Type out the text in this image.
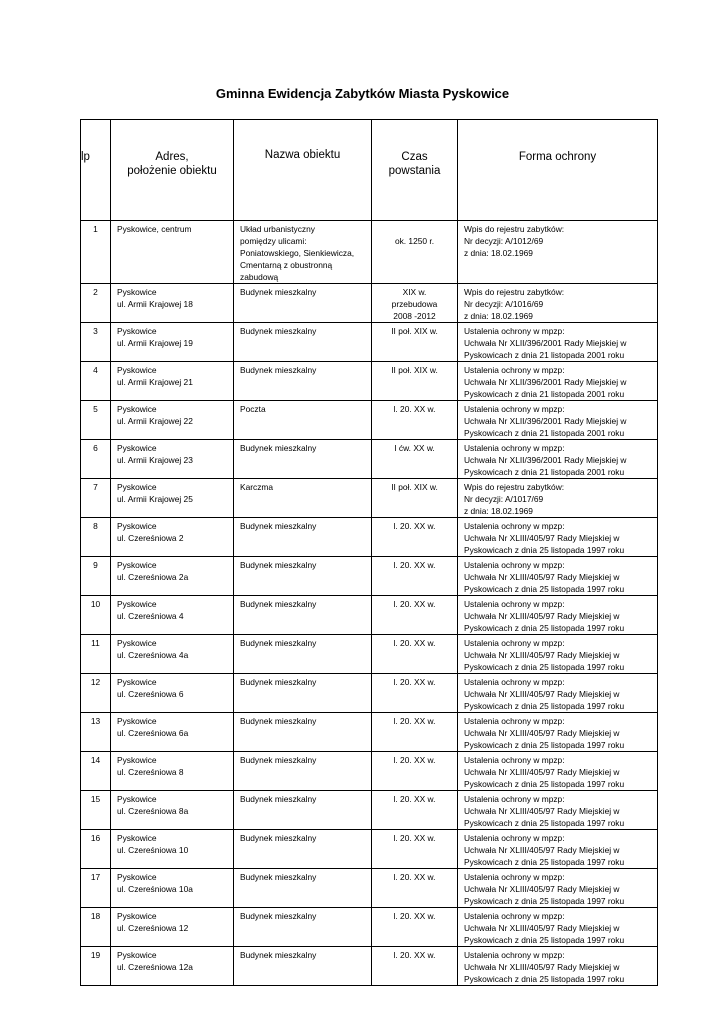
Gminna Ewidencja Zabytków Miasta Pyskowice
lp	Adres,
położenie obiektu	Nazwa obiektu	Czas
powstania	Forma ochrony

1	Pyskowice, centrum	Układ urbanistyczny
pomiędzy ulicami:
Poniatowskiego, Sienkiewicza,
Cmentarną z obustronną
zabudową	ok. 1250 r.	Wpis do rejestru zabytków:
Nr decyzji: A/1012/69
z dnia: 18.02.1969

2	Pyskowice
ul. Armii Krajowej 18	Budynek mieszkalny	XIX w.
przebudowa
2008 -2012	Wpis do rejestru zabytków:
Nr decyzji: A/1016/69
z dnia: 18.02.1969

3	Pyskowice
ul. Armii Krajowej 19	Budynek mieszkalny	II poł. XIX w.	Ustalenia ochrony w mpzp:
Uchwała Nr XLII/396/2001 Rady Miejskiej w
Pyskowicach z dnia 21 listopada 2001 roku

4	Pyskowice
ul. Armii Krajowej 21	Budynek mieszkalny	II poł. XIX w.	Ustalenia ochrony w mpzp:
Uchwała Nr XLII/396/2001 Rady Miejskiej w
Pyskowicach z dnia 21 listopada 2001 roku

5	Pyskowice
ul. Armii Krajowej 22	Poczta	l. 20. XX w.	Ustalenia ochrony w mpzp:
Uchwała Nr XLII/396/2001 Rady Miejskiej w
Pyskowicach z dnia 21 listopada 2001 roku

6	Pyskowice
ul. Armii Krajowej 23	Budynek mieszkalny	I ćw. XX w.	Ustalenia ochrony w mpzp:
Uchwała Nr XLII/396/2001 Rady Miejskiej w
Pyskowicach z dnia 21 listopada 2001 roku

7	Pyskowice
ul. Armii Krajowej 25	Karczma	II poł. XIX w.	Wpis do rejestru zabytków:
Nr decyzji: A/1017/69
z dnia: 18.02.1969

8	Pyskowice
ul. Czereśniowa 2	Budynek mieszkalny	l. 20. XX w.	Ustalenia ochrony w mpzp:
Uchwała Nr XLIII/405/97 Rady Miejskiej w
Pyskowicach z dnia 25 listopada 1997 roku

9	Pyskowice
ul. Czereśniowa 2a	Budynek mieszkalny	l. 20. XX w.	Ustalenia ochrony w mpzp:
Uchwała Nr XLIII/405/97 Rady Miejskiej w
Pyskowicach z dnia 25 listopada 1997 roku

10	Pyskowice
ul. Czereśniowa 4	Budynek mieszkalny	l. 20. XX w.	Ustalenia ochrony w mpzp:
Uchwała Nr XLIII/405/97 Rady Miejskiej w
Pyskowicach z dnia 25 listopada 1997 roku

11	Pyskowice
ul. Czereśniowa 4a	Budynek mieszkalny	l. 20. XX w.	Ustalenia ochrony w mpzp:
Uchwała Nr XLIII/405/97 Rady Miejskiej w
Pyskowicach z dnia 25 listopada 1997 roku

12	Pyskowice
ul. Czereśniowa 6	Budynek mieszkalny	l. 20. XX w.	Ustalenia ochrony w mpzp:
Uchwała Nr XLIII/405/97 Rady Miejskiej w
Pyskowicach z dnia 25 listopada 1997 roku

13	Pyskowice
ul. Czereśniowa 6a	Budynek mieszkalny	l. 20. XX w.	Ustalenia ochrony w mpzp:
Uchwała Nr XLIII/405/97 Rady Miejskiej w
Pyskowicach z dnia 25 listopada 1997 roku

14	Pyskowice
ul. Czereśniowa 8	Budynek mieszkalny	l. 20. XX w.	Ustalenia ochrony w mpzp:
Uchwała Nr XLIII/405/97 Rady Miejskiej w
Pyskowicach z dnia 25 listopada 1997 roku

15	Pyskowice
ul. Czereśniowa 8a	Budynek mieszkalny	l. 20. XX w.	Ustalenia ochrony w mpzp:
Uchwała Nr XLIII/405/97 Rady Miejskiej w
Pyskowicach z dnia 25 listopada 1997 roku

16	Pyskowice
ul. Czereśniowa 10	Budynek mieszkalny	l. 20. XX w.	Ustalenia ochrony w mpzp:
Uchwała Nr XLIII/405/97 Rady Miejskiej w
Pyskowicach z dnia 25 listopada 1997 roku

17	Pyskowice
ul. Czereśniowa 10a	Budynek mieszkalny	l. 20. XX w.	Ustalenia ochrony w mpzp:
Uchwała Nr XLIII/405/97 Rady Miejskiej w
Pyskowicach z dnia 25 listopada 1997 roku

18	Pyskowice
ul. Czereśniowa 12	Budynek mieszkalny	l. 20. XX w.	Ustalenia ochrony w mpzp:
Uchwała Nr XLIII/405/97 Rady Miejskiej w
Pyskowicach z dnia 25 listopada 1997 roku

19	Pyskowice
ul. Czereśniowa 12a	Budynek mieszkalny	l. 20. XX w.	Ustalenia ochrony w mpzp:
Uchwała Nr XLIII/405/97 Rady Miejskiej w
Pyskowicach z dnia 25 listopada 1997 roku
